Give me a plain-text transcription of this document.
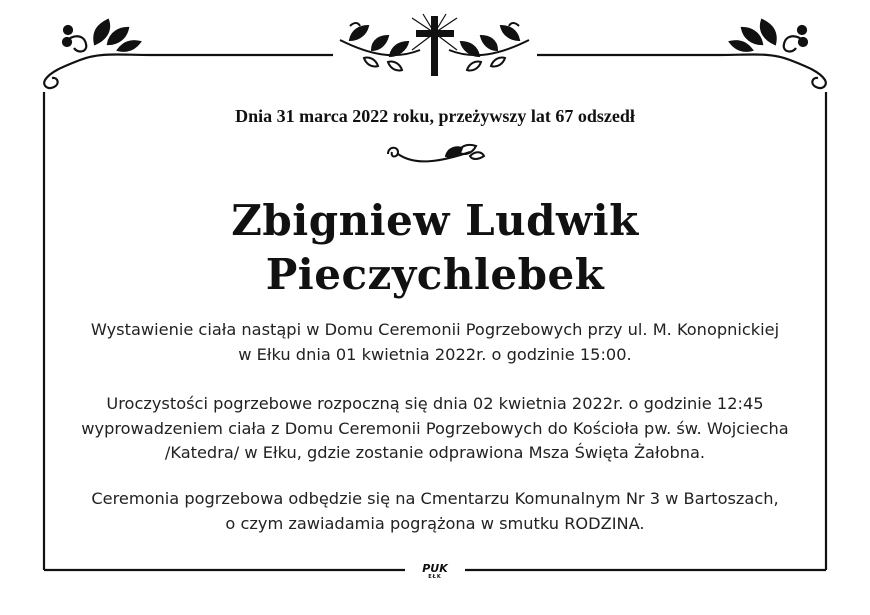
Dnia 31 marca 2022 roku, przeżywszy lat 67 odszedł
Zbigniew Ludwik
Pieczychlebek
Wystawienie ciała nastąpi w Domu Ceremonii Pogrzebowych przy ul. M. Konopnickiej
w Ełku dnia 01 kwietnia 2022r. o godzinie 15:00.
Uroczystości pogrzebowe rozpoczną się dnia 02 kwietnia 2022r. o godzinie 12:45
wyprowadzeniem ciała z Domu Ceremonii Pogrzebowych do Kościoła pw. św. Wojciecha
/Katedra/ w Ełku, gdzie zostanie odprawiona Msza Święta Żałobna.
Ceremonia pogrzebowa odbędzie się na Cmentarzu Komunalnym Nr 3 w Bartoszach,
o czym zawiadamia pogrążona w smutku RODZINA.
PUK
EŁK
